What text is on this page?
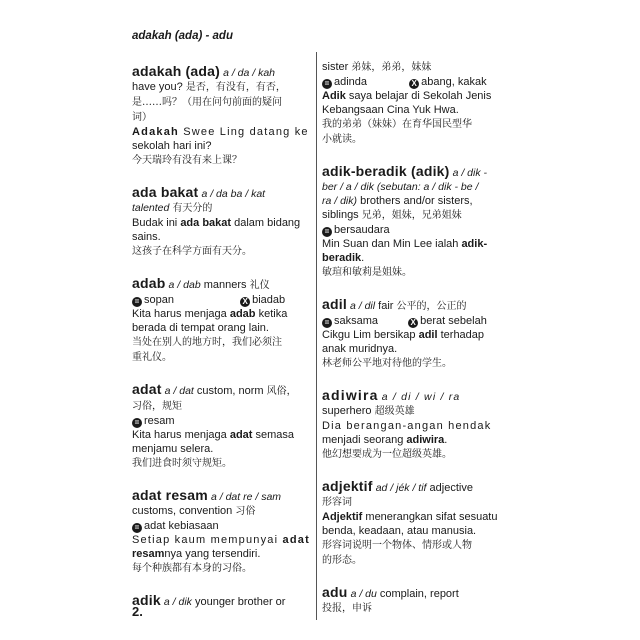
adakah (ada) - adu
adakah (ada) a / da / kah
have you? 是否，有没有，有否，
是……吗？（用在问句前面的疑问
词）
Adakah Swee Ling datang ke
sekolah hari ini?
今天瑞玲有没有来上课？
ada bakat a / da ba / kat
talented 有天分的
Budak ini ada bakat dalam bidang
sains.
这孩子在科学方面有天分。
adab a / dab manners 礼仪
= sopan	X biadab
Kita harus menjaga adab ketika
berada di tempat orang lain.
当处在别人的地方时，我们必须注
重礼仪。
adat a / dat custom, norm 风俗，
习俗，规矩
= resam
Kita harus menjaga adat semasa
menjamu selera.
我们进食时须守规矩。
adat resam a / dat re / sam
customs, convention 习俗
= adat kebiasaan
Setiap kaum mempunyai adat
resamnya yang tersendiri.
每个种族都有本身的习俗。
adik a / dik younger brother or
sister 弟妹，弟弟，妹妹
= adinda	X abang, kakak
Adik saya belajar di Sekolah Jenis
Kebangsaan Cina Yuk Hwa.
我的弟弟（妹妹）在育华国民型华
小就读。
adik-beradik (adik) a / dik -
ber / a / dik (sebutan: a / dik - be /
ra / dik) brothers and/or sisters,
siblings 兄弟，姐妹，兄弟姐妹
= bersaudara
Min Suan dan Min Lee ialah adik-
beradik.
敏瑄和敏莉是姐妹。
adil a / dil fair 公平的，公正的
= saksama	X berat sebelah
Cikgu Lim bersikap adil terhadap
anak muridnya.
林老师公平地对待他的学生。
adiwira a / di / wi / ra
superhero 超级英雄
Dia berangan-angan hendak
menjadi seorang adiwira.
他幻想要成为一位超级英雄。
adjektif ad / jék / tif adjective
形容词
Adjektif menerangkan sifat sesuatu
benda, keadaan, atau manusia.
形容词说明一个物体、情形或人物
的形态。
adu a / du complain, report
投报，申诉
2.
